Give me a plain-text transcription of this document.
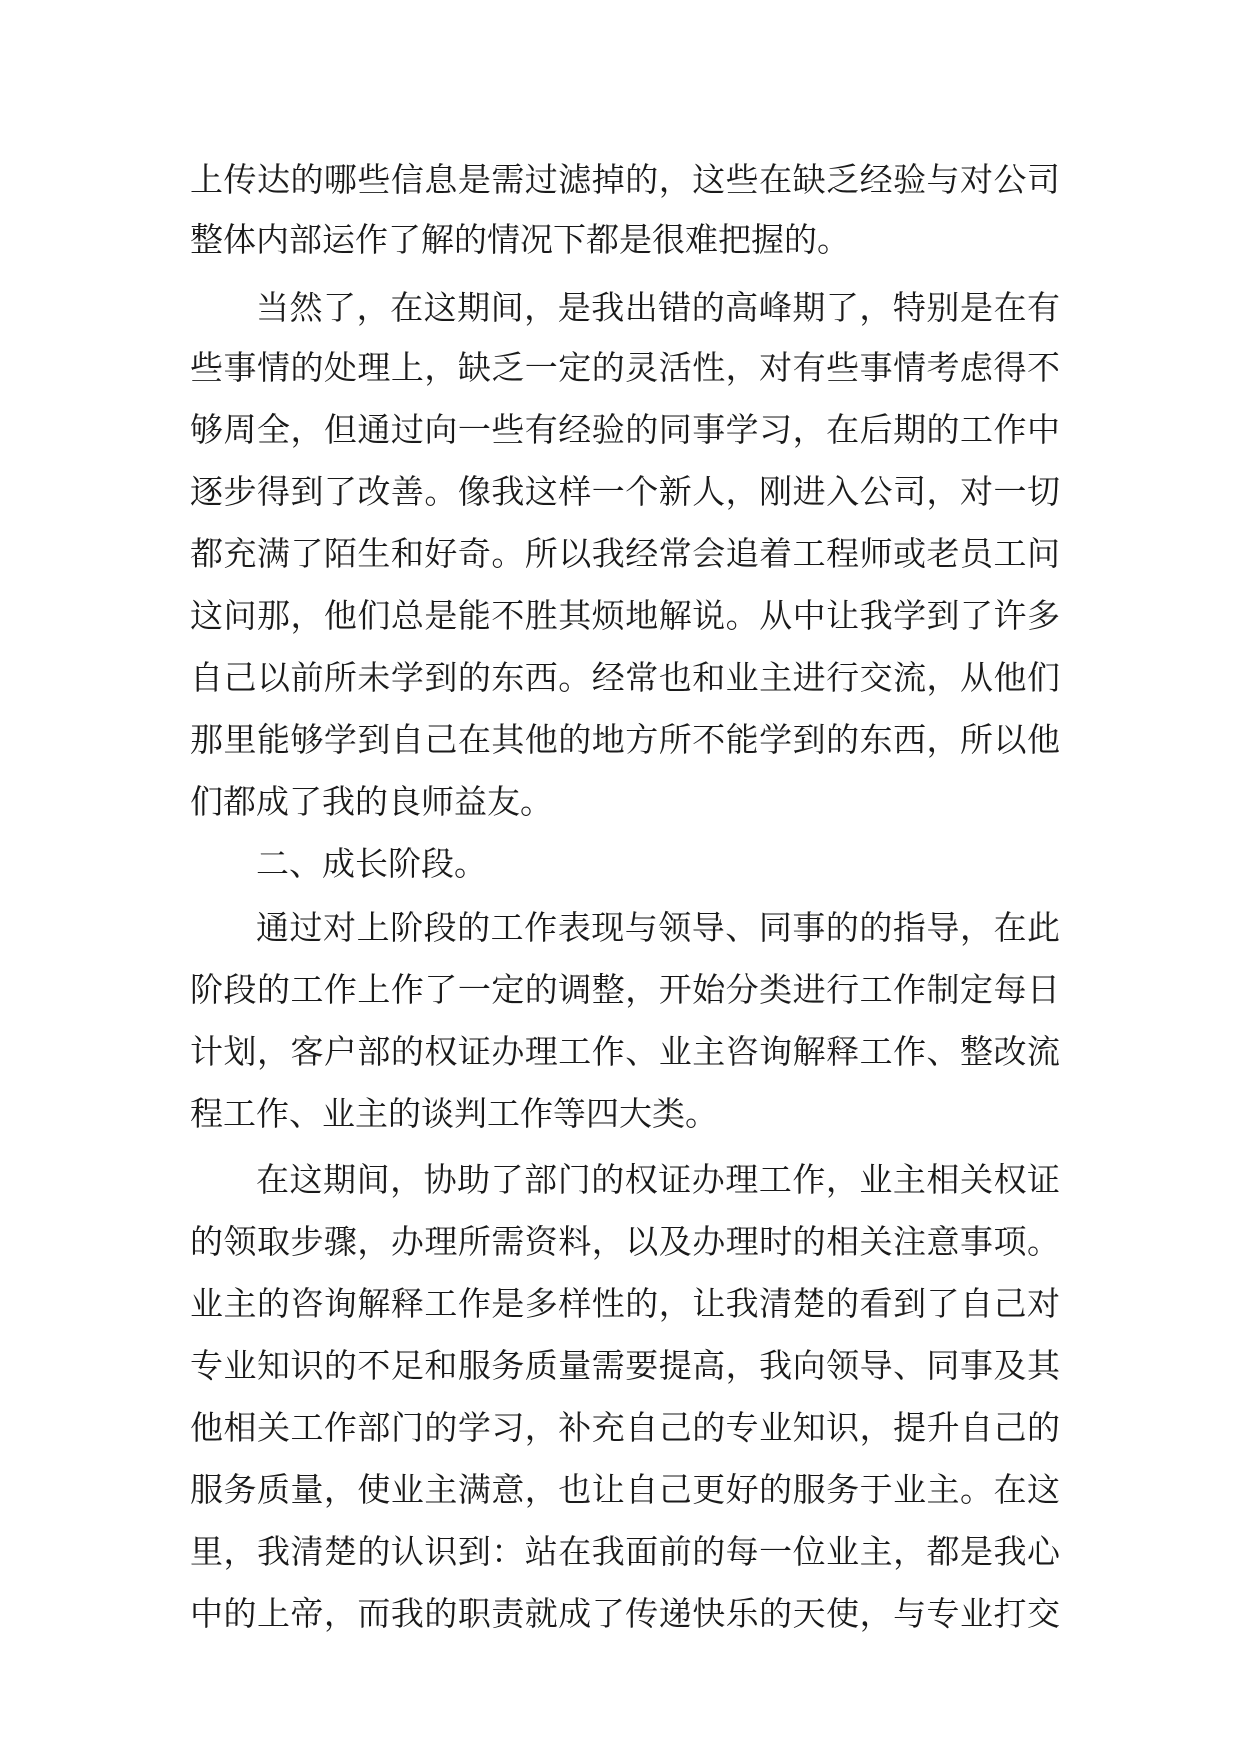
上传达的哪些信息是需过滤掉的，这些在缺乏经验与对公司
整体内部运作了解的情况下都是很难把握的。
当然了，在这期间，是我出错的高峰期了，特别是在有
些事情的处理上，缺乏一定的灵活性，对有些事情考虑得不
够周全，但通过向一些有经验的同事学习，在后期的工作中
逐步得到了改善。像我这样一个新人，刚进入公司，对一切
都充满了陌生和好奇。所以我经常会追着工程师或老员工问
这问那，他们总是能不胜其烦地解说。从中让我学到了许多
自己以前所未学到的东西。经常也和业主进行交流，从他们
那里能够学到自己在其他的地方所不能学到的东西，所以他
们都成了我的良师益友。
二、成长阶段。
通过对上阶段的工作表现与领导、同事的的指导，在此
阶段的工作上作了一定的调整，开始分类进行工作制定每日
计划，客户部的权证办理工作、业主咨询解释工作、整改流
程工作、业主的谈判工作等四大类。
在这期间，协助了部门的权证办理工作，业主相关权证
的领取步骤，办理所需资料，以及办理时的相关注意事项。
业主的咨询解释工作是多样性的，让我清楚的看到了自己对
专业知识的不足和服务质量需要提高，我向领导、同事及其
他相关工作部门的学习，补充自己的专业知识，提升自己的
服务质量，使业主满意，也让自己更好的服务于业主。在这
里，我清楚的认识到：站在我面前的每一位业主，都是我心
中的上帝，而我的职责就成了传递快乐的天使，与专业打交
